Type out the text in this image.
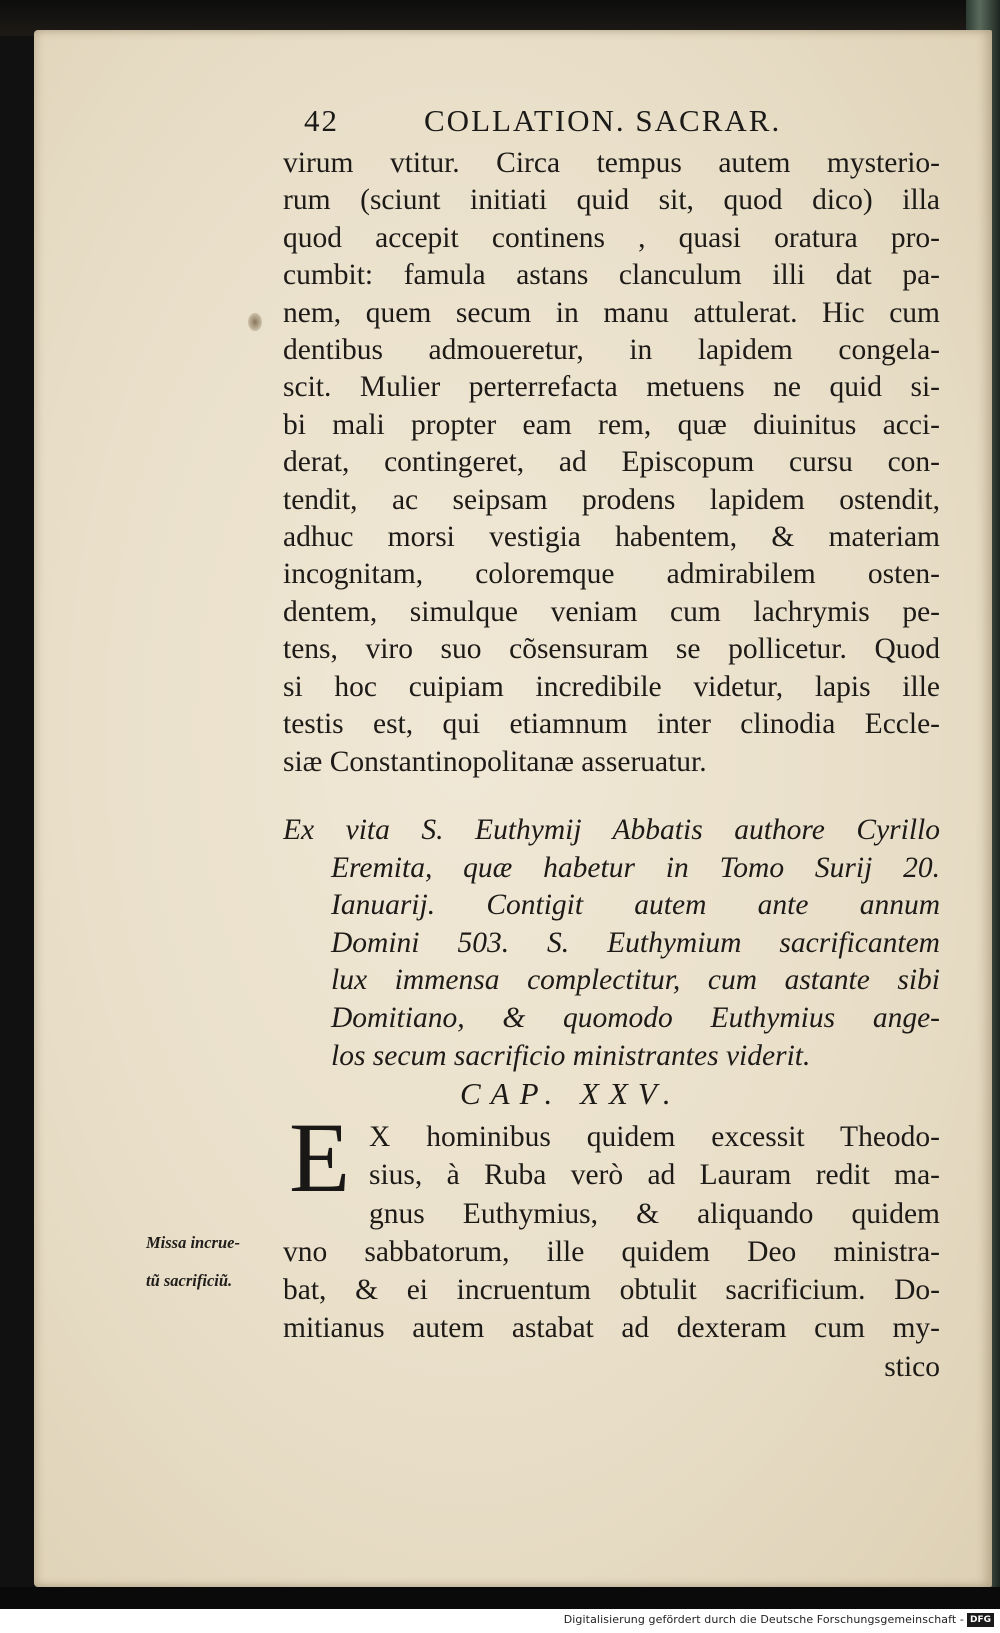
42	COLLATION. SACRAR.
virum vtitur. Circa tempus autem mysterio-
rum (sciunt initiati quid sit, quod dico) illa
quod accepit continens , quasi oratura pro-
cumbit: famula astans clanculum illi dat pa-
nem, quem secum in manu attulerat. Hic cum
dentibus admoueretur, in lapidem congela-
scit. Mulier perterrefacta metuens ne quid si-
bi mali propter eam rem, quæ diuinitus acci-
derat, contingeret, ad Episcopum cursu con-
tendit, ac seipsam prodens lapidem ostendit,
adhuc morsi vestigia habentem, & materiam
incognitam, coloremque admirabilem osten-
dentem, simulque veniam cum lachrymis pe-
tens, viro suo cõsensuram se pollicetur. Quod
si hoc cuipiam incredibile videtur, lapis ille
testis est, qui etiamnum inter clinodia Eccle-
siæ Constantinopolitanæ asseruatur.
Ex vita S. Euthymij Abbatis authore Cyrillo
Eremita, quæ habetur in Tomo Surij 20.
Ianuarij. Contigit autem ante annum
Domini 503. S. Euthymium sacrificantem
lux immensa complectitur, cum astante sibi
Domitiano, & quomodo Euthymius ange-
los secum sacrificio ministrantes viderit.
CAP. XXV.
E X hominibus quidem excessit Theodo-
sius, à Ruba verò ad Lauram redit ma-
gnus Euthymius, & aliquando quidem
vno sabbatorum, ille quidem Deo ministra-
bat, & ei incruentum obtulit sacrificium. Do-
mitianus autem astabat ad dexteram cum my-
stico
Missa incrue-
tũ sacrificiũ.
Digitalisierung gefördert durch die Deutsche Forschungsgemeinschaft - DFG
